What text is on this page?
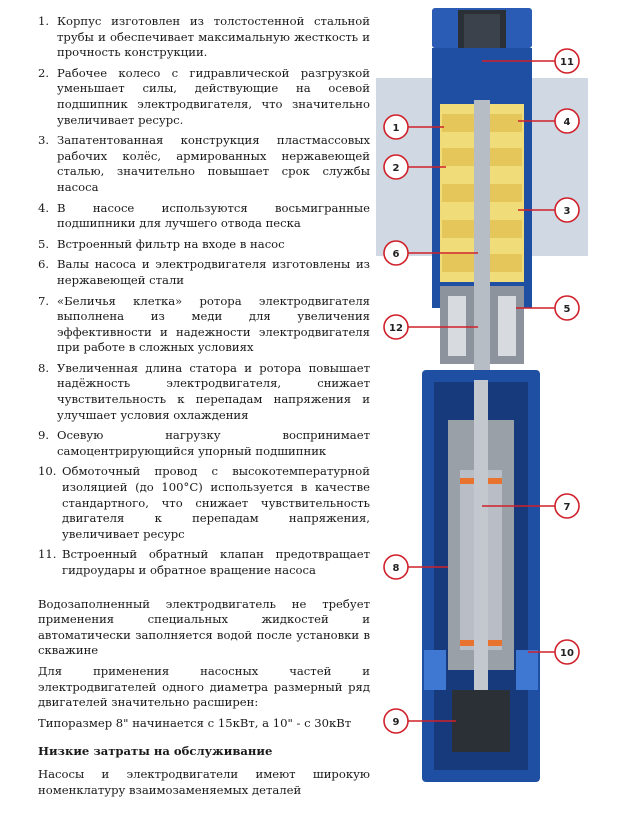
1. Корпус изготовлен из толстостенной стальной трубы и обеспечивает максимальную жесткость и прочность конструкции.
2. Рабочее колесо с гидравлической разгрузкой уменьшает силы, действующие на осевой подшипник электродвигателя, что значительно увеличивает ресурс.
3. Запатентованная конструкция пластмассовых рабочих колёс, армированных нержавеющей сталью, значительно повышает срок службы насоса
4. В насосе используются восьмигранные подшипники для лучшего отвода песка
5. Встроенный фильтр на входе в насос
6. Валы насоса и электродвигателя изготовлены из нержавеющей стали
7. «Беличья клетка» ротора электродвигателя выполнена из меди для увеличения эффективности и надежности электродвигателя при работе в сложных условиях
8. Увеличенная длина статора и ротора повышает надёжность электродвигателя, снижает чувствительность к перепадам напряжения и улучшает условия охлаждения
9. Осевую нагрузку воспринимает самоцентрирующийся упорный подшипник
10. Обмоточный провод с высокотемпературной изоляцией (до 100°C) используется в качестве стандартного, что снижает чувствительность двигателя к перепадам напряжения, увеличивает ресурс
11. Встроенный обратный клапан предотвращает гидроудары и обратное вращение насоса

Водозаполненный электродвигатель не требует применения специальных жидкостей и автоматически заполняется водой после установки в скважине

Для применения насосных частей и электродвигателей одного диаметра размерный ряд двигателей значительно расширен:

Типоразмер 8" начинается с 15кВт, а 10" - с 30кВт

Низкие затраты на обслуживание

Насосы и электродвигатели имеют широкую номенклатуру взаимозаменяемых деталей

1
2
3
4
5
6
7
8
9
10
11
12
